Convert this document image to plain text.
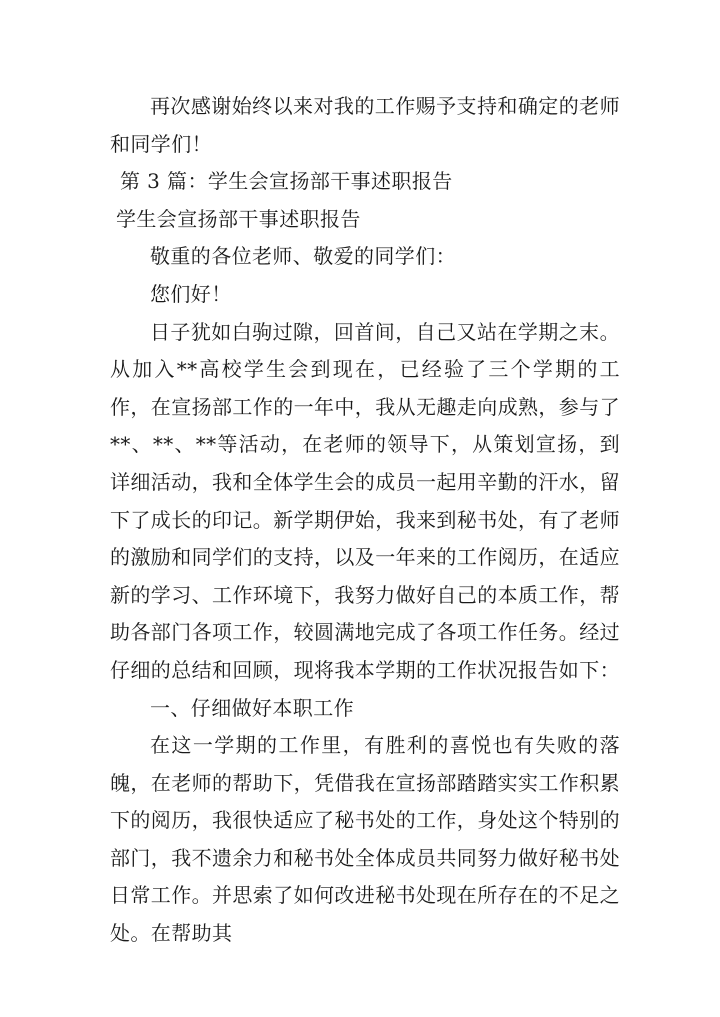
再次感谢始终以来对我的工作赐予支持和确定的老师和同学们！

第 3 篇：学生会宣扬部干事述职报告

学生会宣扬部干事述职报告

敬重的各位老师、敬爱的同学们：

您们好！

日子犹如白驹过隙，回首间，自己又站在学期之末。从加入**高校学生会到现在，已经验了三个学期的工作，在宣扬部工作的一年中，我从无趣走向成熟，参与了**、**、**等活动，在老师的领导下，从策划宣扬，到详细活动，我和全体学生会的成员一起用辛勤的汗水，留下了成长的印记。新学期伊始，我来到秘书处，有了老师的激励和同学们的支持，以及一年来的工作阅历，在适应新的学习、工作环境下，我努力做好自己的本质工作，帮助各部门各项工作，较圆满地完成了各项工作任务。经过仔细的总结和回顾，现将我本学期的工作状况报告如下：

一、仔细做好本职工作

在这一学期的工作里，有胜利的喜悦也有失败的落魄，在老师的帮助下，凭借我在宣扬部踏踏实实工作积累下的阅历，我很快适应了秘书处的工作，身处这个特别的部门，我不遗余力和秘书处全体成员共同努力做好秘书处日常工作。并思索了如何改进秘书处现在所存在的不足之处。在帮助其
